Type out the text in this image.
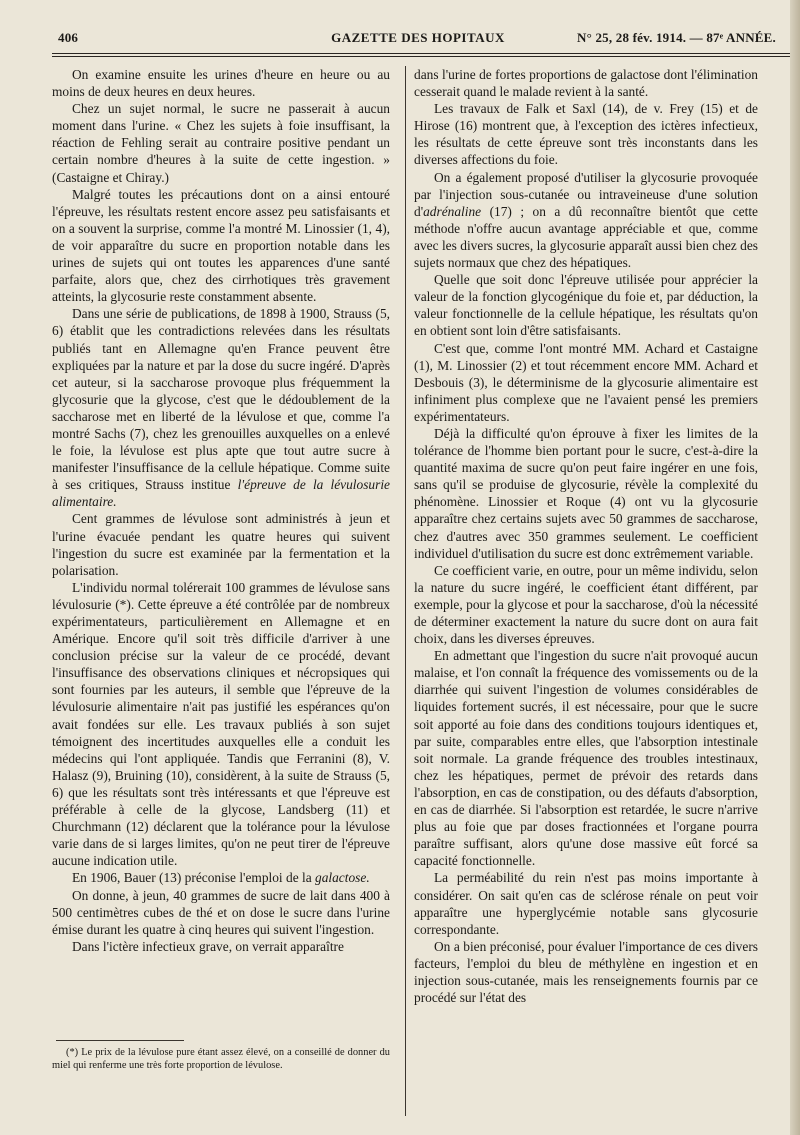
406	GAZETTE DES HOPITAUX	N° 25, 28 fév. 1914. — 87ᵉ ANNÉE.

On examine ensuite les urines d'heure en heure ou au moins de deux heures en deux heures.

Chez un sujet normal, le sucre ne passerait à aucun moment dans l'urine. « Chez les sujets à foie insuffisant, la réaction de Fehling serait au contraire positive pendant un certain nombre d'heures à la suite de cette ingestion. » (Castaigne et Chiray.)

Malgré toutes les précautions dont on a ainsi entouré l'épreuve, les résultats restent encore assez peu satisfaisants et on a souvent la surprise, comme l'a montré M. Linossier (1, 4), de voir apparaître du sucre en proportion notable dans les urines de sujets qui ont toutes les apparences d'une santé parfaite, alors que, chez des cirrhotiques très gravement atteints, la glycosurie reste constamment absente.

Dans une série de publications, de 1898 à 1900, Strauss (5, 6) établit que les contradictions relevées dans les résultats publiés tant en Allemagne qu'en France peuvent être expliquées par la nature et par la dose du sucre ingéré. D'après cet auteur, si la saccharose provoque plus fréquemment la glycosurie que la glycose, c'est que le dédoublement de la saccharose met en liberté de la lévulose et que, comme l'a montré Sachs (7), chez les grenouilles auxquelles on a enlevé le foie, la lévulose est plus apte que tout autre sucre à manifester l'insuffisance de la cellule hépatique. Comme suite à ses critiques, Strauss institue l'épreuve de la lévulosurie alimentaire.

Cent grammes de lévulose sont administrés à jeun et l'urine évacuée pendant les quatre heures qui suivent l'ingestion du sucre est examinée par la fermentation et la polarisation.

L'individu normal tolérerait 100 grammes de lévulose sans lévulosurie (*). Cette épreuve a été contrôlée par de nombreux expérimentateurs, particulièrement en Allemagne et en Amérique. Encore qu'il soit très difficile d'arriver à une conclusion précise sur la valeur de ce procédé, devant l'insuffisance des observations cliniques et nécropsiques qui sont fournies par les auteurs, il semble que l'épreuve de la lévulosurie alimentaire n'ait pas justifié les espérances qu'on avait fondées sur elle. Les travaux publiés à son sujet témoignent des incertitudes auxquelles elle a conduit les médecins qui l'ont appliquée. Tandis que Ferranini (8), V. Halasz (9), Bruining (10), considèrent, à la suite de Strauss (5, 6) que les résultats sont très intéressants et que l'épreuve est préférable à celle de la glycose, Landsberg (11) et Churchmann (12) déclarent que la tolérance pour la lévulose varie dans de si larges limites, qu'on ne peut tirer de l'épreuve aucune indication utile.

En 1906, Bauer (13) préconise l'emploi de la galactose.

On donne, à jeun, 40 grammes de sucre de lait dans 400 à 500 centimètres cubes de thé et on dose le sucre dans l'urine émise durant les quatre à cinq heures qui suivent l'ingestion.

Dans l'ictère infectieux grave, on verrait apparaître

(*) Le prix de la lévulose pure étant assez élevé, on a conseillé de donner du miel qui renferme une très forte proportion de lévulose.

dans l'urine de fortes proportions de galactose dont l'élimination cesserait quand le malade revient à la santé.

Les travaux de Falk et Saxl (14), de v. Frey (15) et de Hirose (16) montrent que, à l'exception des ictères infectieux, les résultats de cette épreuve sont très inconstants dans les diverses affections du foie.

On a également proposé d'utiliser la glycosurie provoquée par l'injection sous-cutanée ou intraveineuse d'une solution d'adrénaline (17) ; on a dû reconnaître bientôt que cette méthode n'offre aucun avantage appréciable et que, comme avec les divers sucres, la glycosurie apparaît aussi bien chez des sujets normaux que chez des hépatiques.

Quelle que soit donc l'épreuve utilisée pour apprécier la valeur de la fonction glycogénique du foie et, par déduction, la valeur fonctionnelle de la cellule hépatique, les résultats qu'on en obtient sont loin d'être satisfaisants.

C'est que, comme l'ont montré MM. Achard et Castaigne (1), M. Linossier (2) et tout récemment encore MM. Achard et Desbouis (3), le déterminisme de la glycosurie alimentaire est infiniment plus complexe que ne l'avaient pensé les premiers expérimentateurs.

Déjà la difficulté qu'on éprouve à fixer les limites de la tolérance de l'homme bien portant pour le sucre, c'est-à-dire la quantité maxima de sucre qu'on peut faire ingérer en une fois, sans qu'il se produise de glycosurie, révèle la complexité du phénomène. Linossier et Roque (4) ont vu la glycosurie apparaître chez certains sujets avec 50 grammes de saccharose, chez d'autres avec 350 grammes seulement. Le coefficient individuel d'utilisation du sucre est donc extrêmement variable.

Ce coefficient varie, en outre, pour un même individu, selon la nature du sucre ingéré, le coefficient étant différent, par exemple, pour la glycose et pour la saccharose, d'où la nécessité de déterminer exactement la nature du sucre dont on aura fait choix, dans les diverses épreuves.

En admettant que l'ingestion du sucre n'ait provoqué aucun malaise, et l'on connaît la fréquence des vomissements ou de la diarrhée qui suivent l'ingestion de volumes considérables de liquides fortement sucrés, il est nécessaire, pour que le sucre soit apporté au foie dans des conditions toujours identiques et, par suite, comparables entre elles, que l'absorption intestinale soit normale. La grande fréquence des troubles intestinaux, chez les hépatiques, permet de prévoir des retards dans l'absorption, en cas de constipation, ou des défauts d'absorption, en cas de diarrhée. Si l'absorption est retardée, le sucre n'arrive plus au foie que par doses fractionnées et l'organe pourra paraître suffisant, alors qu'une dose massive eût forcé sa capacité fonctionnelle.

La perméabilité du rein n'est pas moins importante à considérer. On sait qu'en cas de sclérose rénale on peut voir apparaître une hyperglycémie notable sans glycosurie correspondante.

On a bien préconisé, pour évaluer l'importance de ces divers facteurs, l'emploi du bleu de méthylène en ingestion et en injection sous-cutanée, mais les renseignements fournis par ce procédé sur l'état des
